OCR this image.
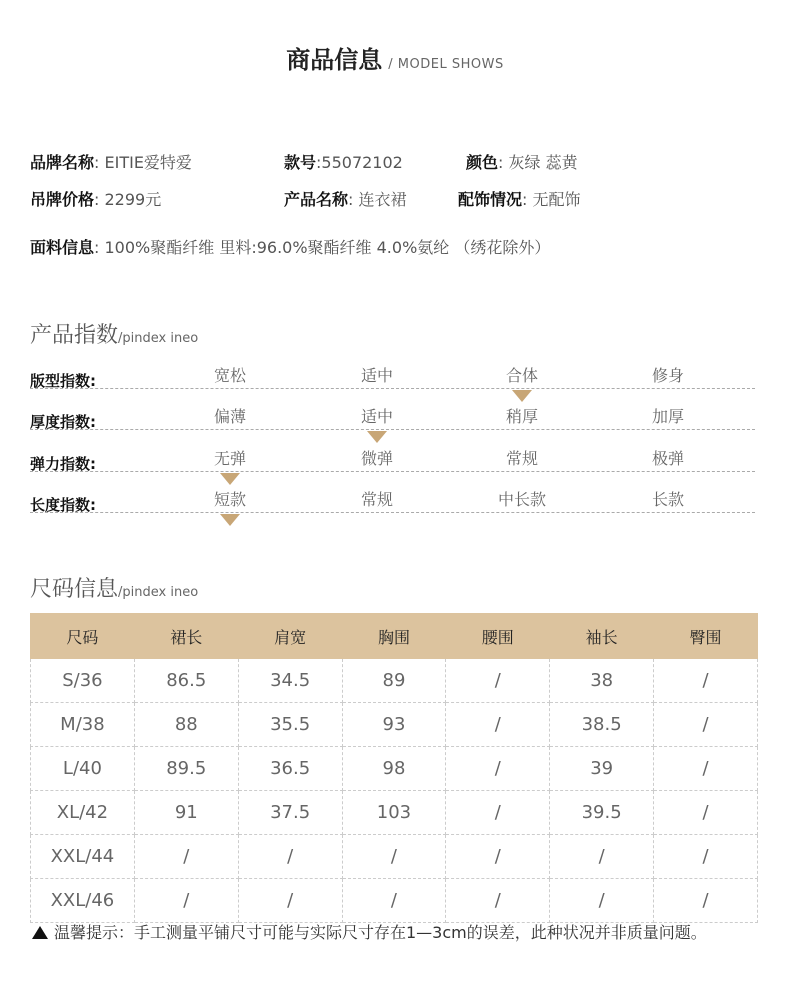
商品信息 / MODEL SHOWS
品牌名称: EITIE爱特爱	款号:55072102	颜色: 灰绿 蕊黄
吊牌价格: 2299元	产品名称: 连衣裙	配饰情况: 无配饰
面料信息: 100%聚酯纤维 里料:96.0%聚酯纤维 4.0%氨纶 （绣花除外）
产品指数/pindex ineo
版型指数:	宽松	适中	合体	修身
厚度指数:	偏薄	适中	稍厚	加厚
弹力指数:	无弹	微弹	常规	极弹
长度指数:	短款	常规	中长款	长款
尺码信息/pindex ineo
尺码	裙长	肩宽	胸围	腰围	袖长	臀围
S/36	86.5	34.5	89	/	38	/
M/38	88	35.5	93	/	38.5	/
L/40	89.5	36.5	98	/	39	/
XL/42	91	37.5	103	/	39.5	/
XXL/44	/	/	/	/	/	/
XXL/46	/	/	/	/	/	/
温馨提示：手工测量平铺尺寸可能与实际尺寸存在1—3cm的误差，此种状况并非质量问题。
